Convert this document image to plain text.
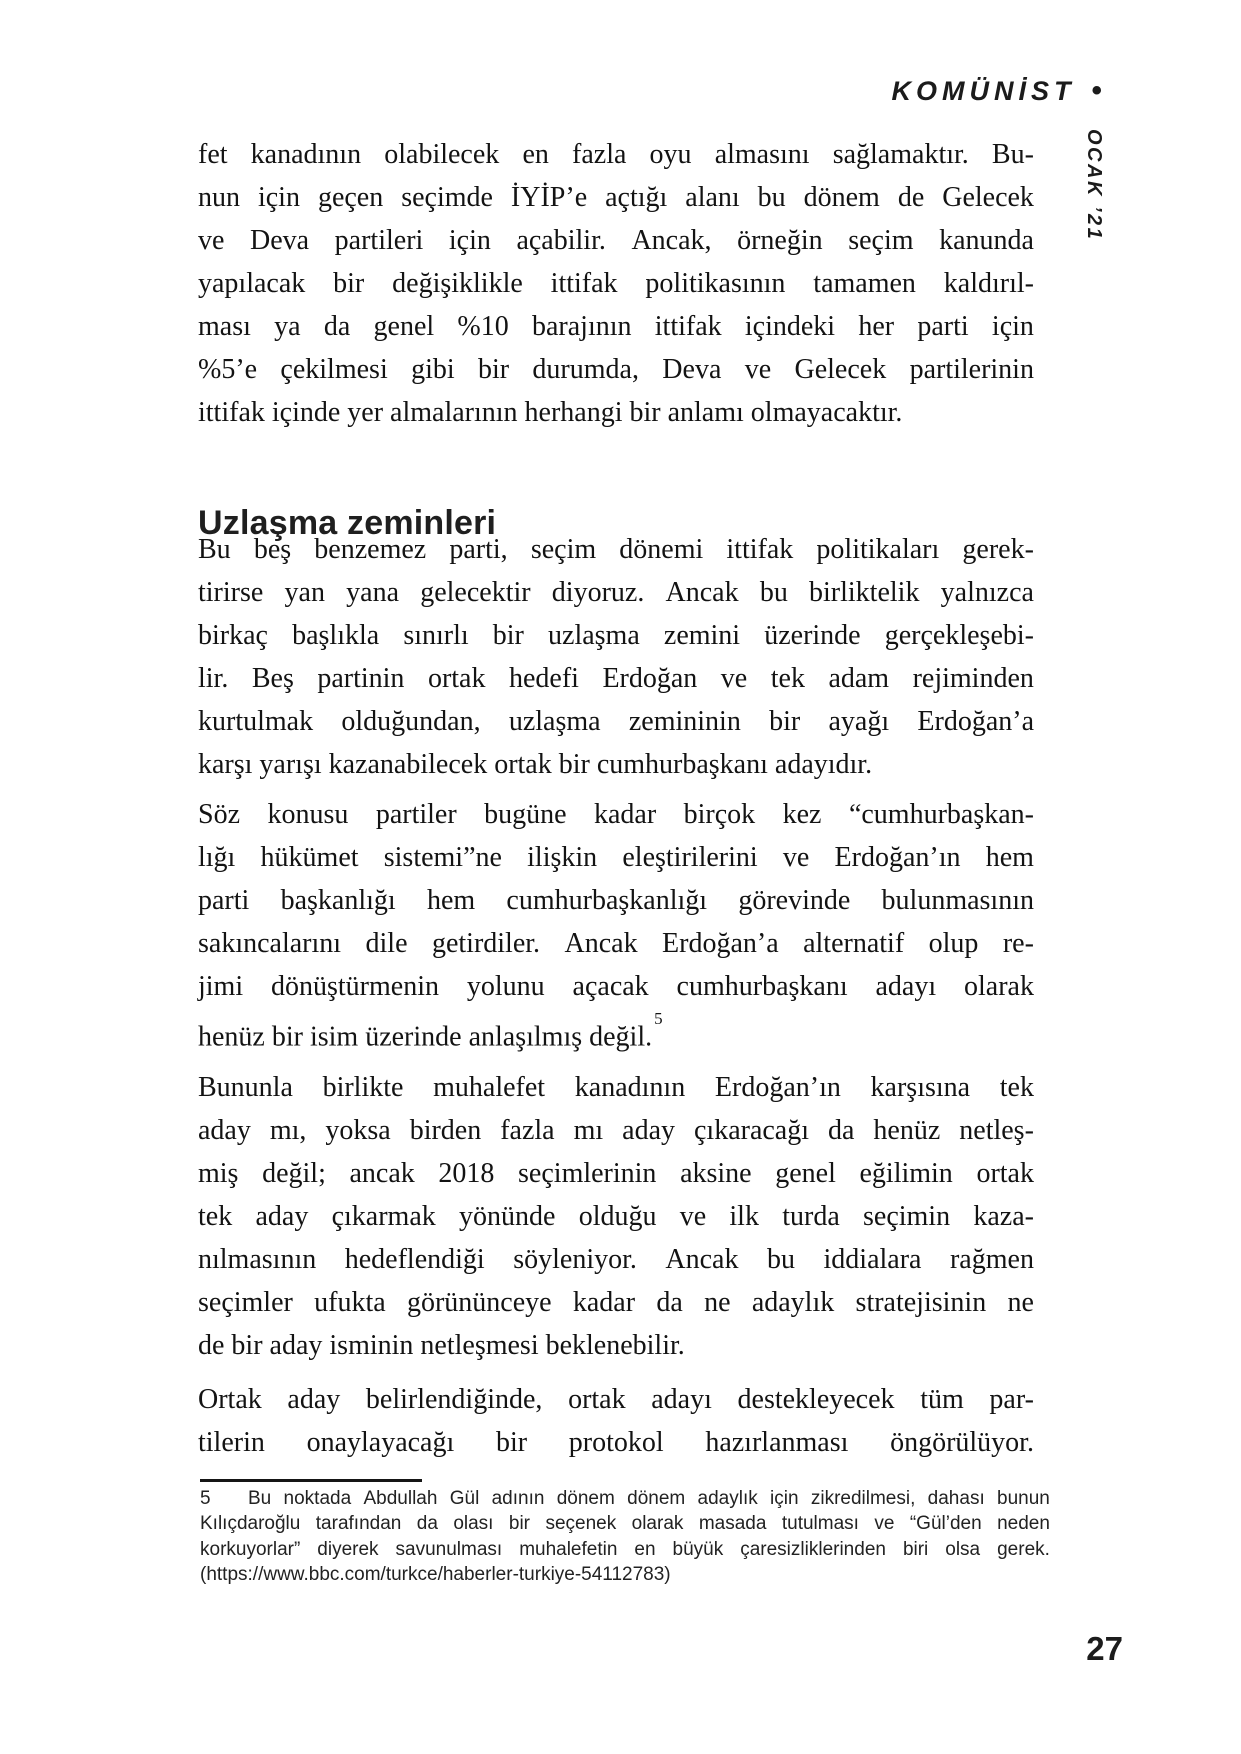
KOMÜNİST •
OCAK ’21
fet kanadının olabilecek en fazla oyu almasını sağlamaktır. Bu-
nun için geçen seçimde İYİP’e açtığı alanı bu dönem de Gelecek
ve Deva partileri için açabilir. Ancak, örneğin seçim kanunda
yapılacak bir değişiklikle ittifak politikasının tamamen kaldırıl-
ması ya da genel %10 barajının ittifak içindeki her parti için
%5’e çekilmesi gibi bir durumda, Deva ve Gelecek partilerinin
ittifak içinde yer almalarının herhangi bir anlamı olmayacaktır.
Uzlaşma zeminleri
Bu beş benzemez parti, seçim dönemi ittifak politikaları gerek-
tirirse yan yana gelecektir diyoruz. Ancak bu birliktelik yalnızca
birkaç başlıkla sınırlı bir uzlaşma zemini üzerinde gerçekleşebi-
lir. Beş partinin ortak hedefi Erdoğan ve tek adam rejiminden
kurtulmak olduğundan, uzlaşma zemininin bir ayağı Erdoğan’a
karşı yarışı kazanabilecek ortak bir cumhurbaşkanı adayıdır.
Söz konusu partiler bugüne kadar birçok kez “cumhurbaşkan-
lığı hükümet sistemi”ne ilişkin eleştirilerini ve Erdoğan’ın hem
parti başkanlığı hem cumhurbaşkanlığı görevinde bulunmasının
sakıncalarını dile getirdiler. Ancak Erdoğan’a alternatif olup re-
jimi dönüştürmenin yolunu açacak cumhurbaşkanı adayı olarak
henüz bir isim üzerinde anlaşılmış değil.$^5$
Bununla birlikte muhalefet kanadının Erdoğan’ın karşısına tek
aday mı, yoksa birden fazla mı aday çıkaracağı da henüz netleş-
miş değil; ancak 2018 seçimlerinin aksine genel eğilimin ortak
tek aday çıkarmak yönünde olduğu ve ilk turda seçimin kaza-
nılmasının hedeflendiği söyleniyor. Ancak bu iddialara rağmen
seçimler ufukta görününceye kadar da ne adaylık stratejisinin ne
de bir aday isminin netleşmesi beklenebilir.
Ortak aday belirlendiğinde, ortak adayı destekleyecek tüm par-
tilerin onaylayacağı bir protokol hazırlanması öngörülüyor.
5 Bu noktada Abdullah Gül adının dönem dönem adaylık için zikredilmesi, dahası bunun
Kılıçdaroğlu tarafından da olası bir seçenek olarak masada tutulması ve “Gül’den neden
korkuyorlar” diyerek savunulması muhalefetin en büyük çaresizliklerinden biri olsa gerek.
(https://www.bbc.com/turkce/haberler-turkiye-54112783)
27
